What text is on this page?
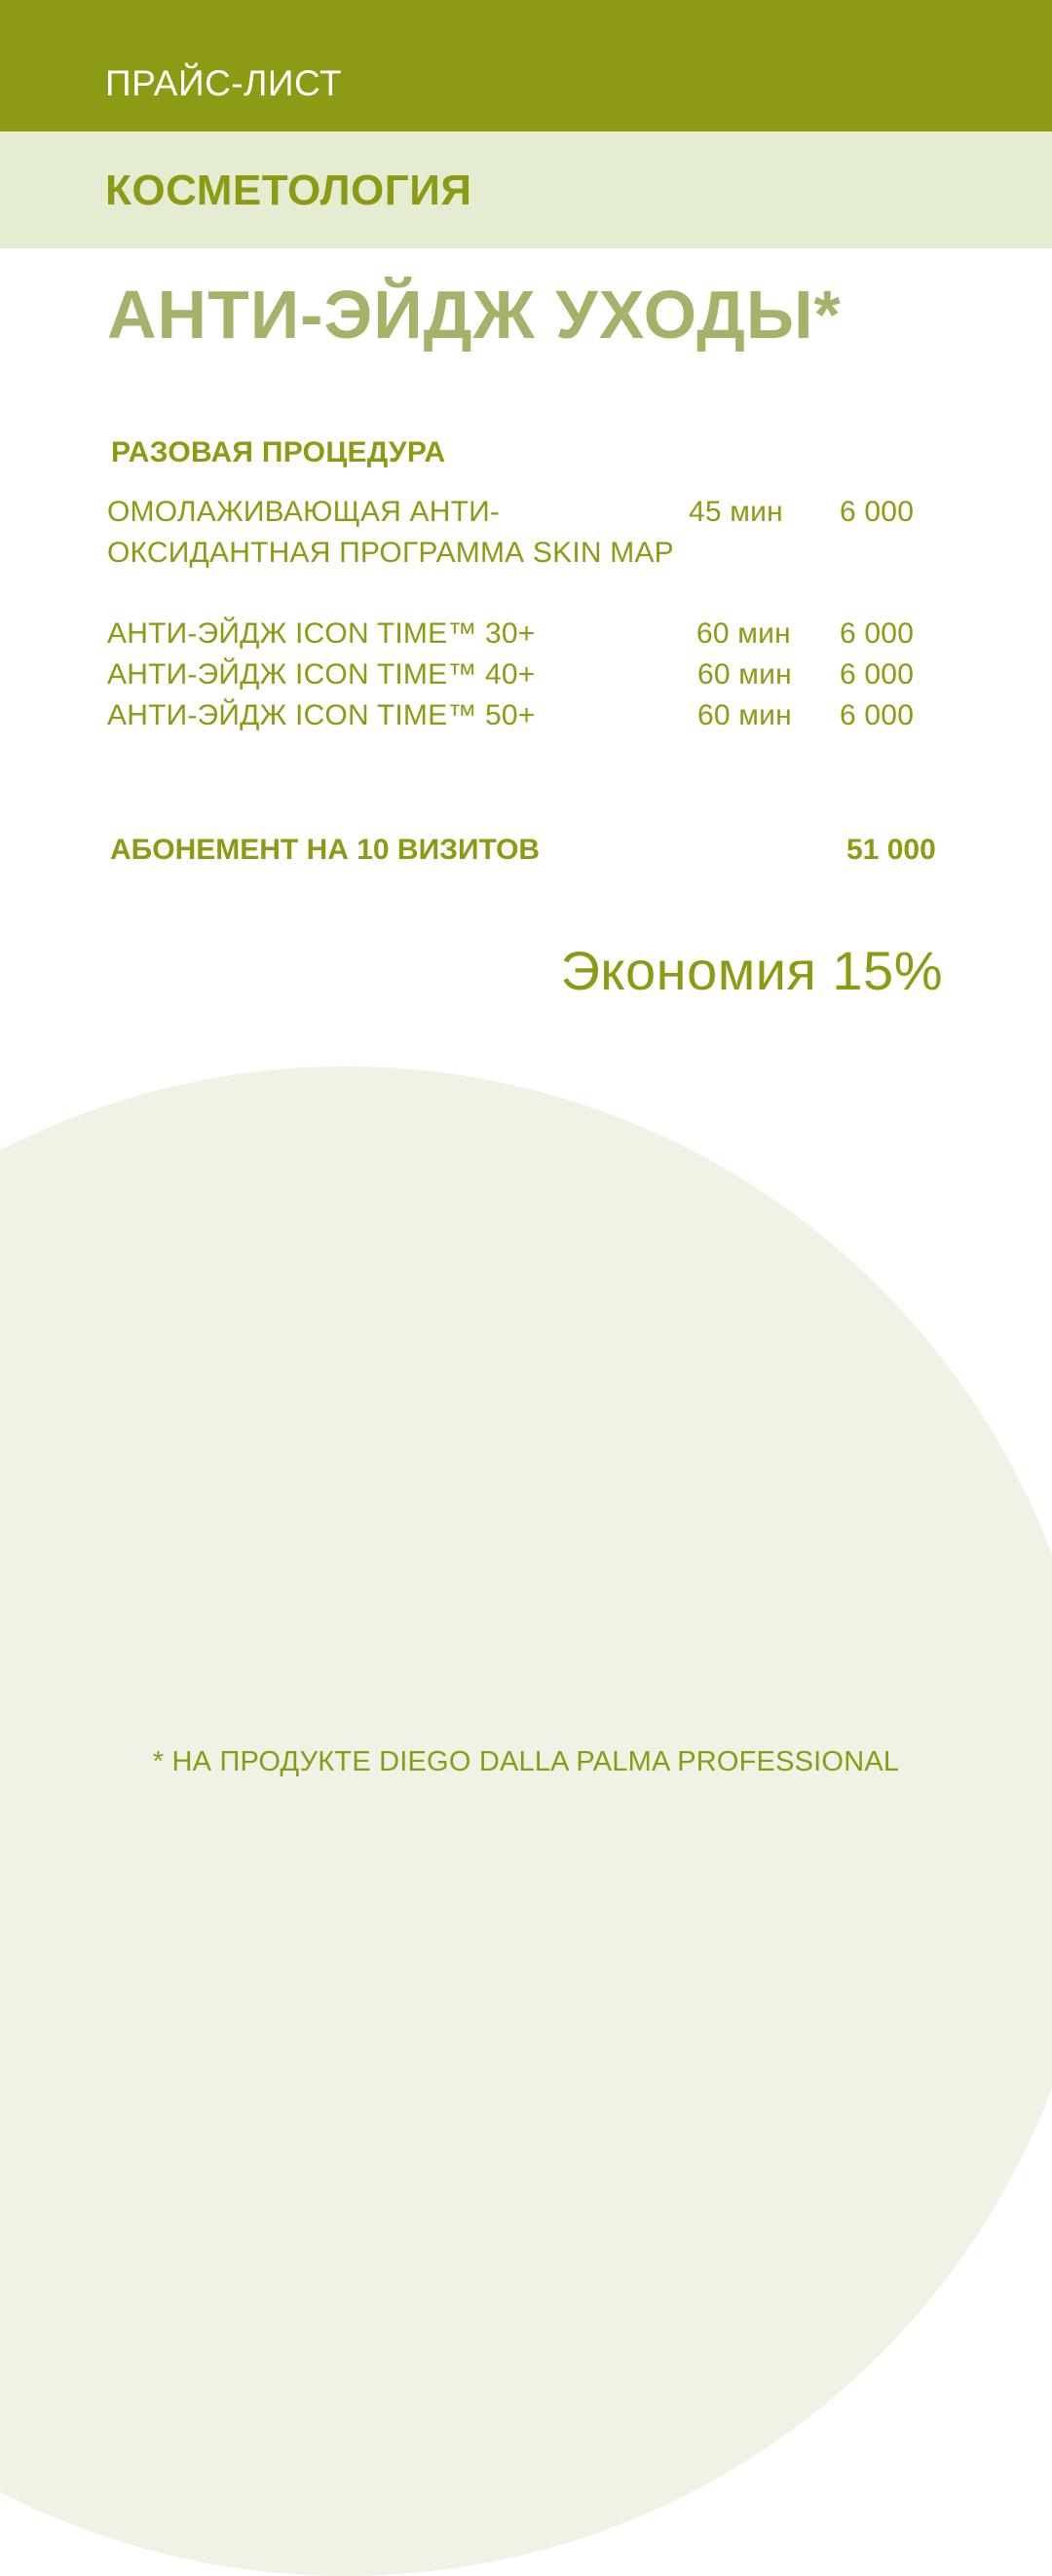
ПРАЙС-ЛИСТ
КОСМЕТОЛОГИЯ
АНТИ-ЭЙДЖ УХОДЫ*
РАЗОВАЯ ПРОЦЕДУРА
ОМОЛАЖИВАЮЩАЯ АНТИ-
ОКСИДАНТНАЯ ПРОГРАММА SKIN MAP
45 мин 6 000
АНТИ-ЭЙДЖ ICON TIME™ 30+	60 мин 6 000
АНТИ-ЭЙДЖ ICON TIME™ 40+	60 мин 6 000
АНТИ-ЭЙДЖ ICON TIME™ 50+	60 мин 6 000
АБОНЕМЕНТ НА 10 ВИЗИТОВ	51 000
Экономия 15%
* НА ПРОДУКТЕ DIEGO DALLA PALMA PROFESSIONAL
